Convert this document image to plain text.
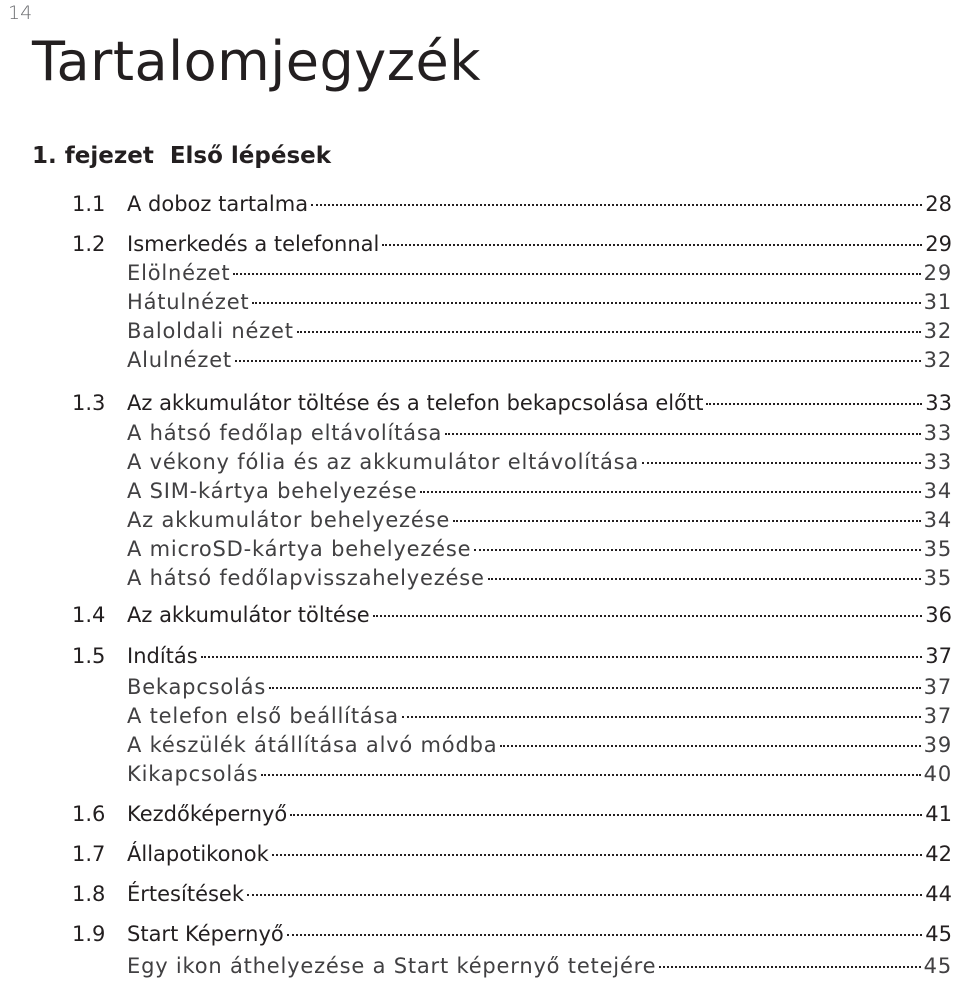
14
Tartalomjegyzék
1. fejezet Első lépések
1.1	A doboz tartalma	28
1.2	Ismerkedés a telefonnal	29
Elölnézet	29
Hátulnézet	31
Baloldali nézet	32
Alulnézet	32
1.3	Az akkumulátor töltése és a telefon bekapcsolása előtt	33
A hátsó fedőlap eltávolítása	33
A vékony fólia és az akkumulátor eltávolítása	33
A SIM-kártya behelyezése	34
Az akkumulátor behelyezése	34
A microSD-kártya behelyezése	35
A hátsó fedőlapvisszahelyezése	35
1.4	Az akkumulátor töltése	36
1.5	Indítás	37
Bekapcsolás	37
A telefon első beállítása	37
A készülék átállítása alvó módba	39
Kikapcsolás	40
1.6	Kezdőképernyő	41
1.7	Állapotikonok	42
1.8	Értesítések	44
1.9	Start Képernyő	45
Egy ikon áthelyezése a Start képernyő tetejére	45
